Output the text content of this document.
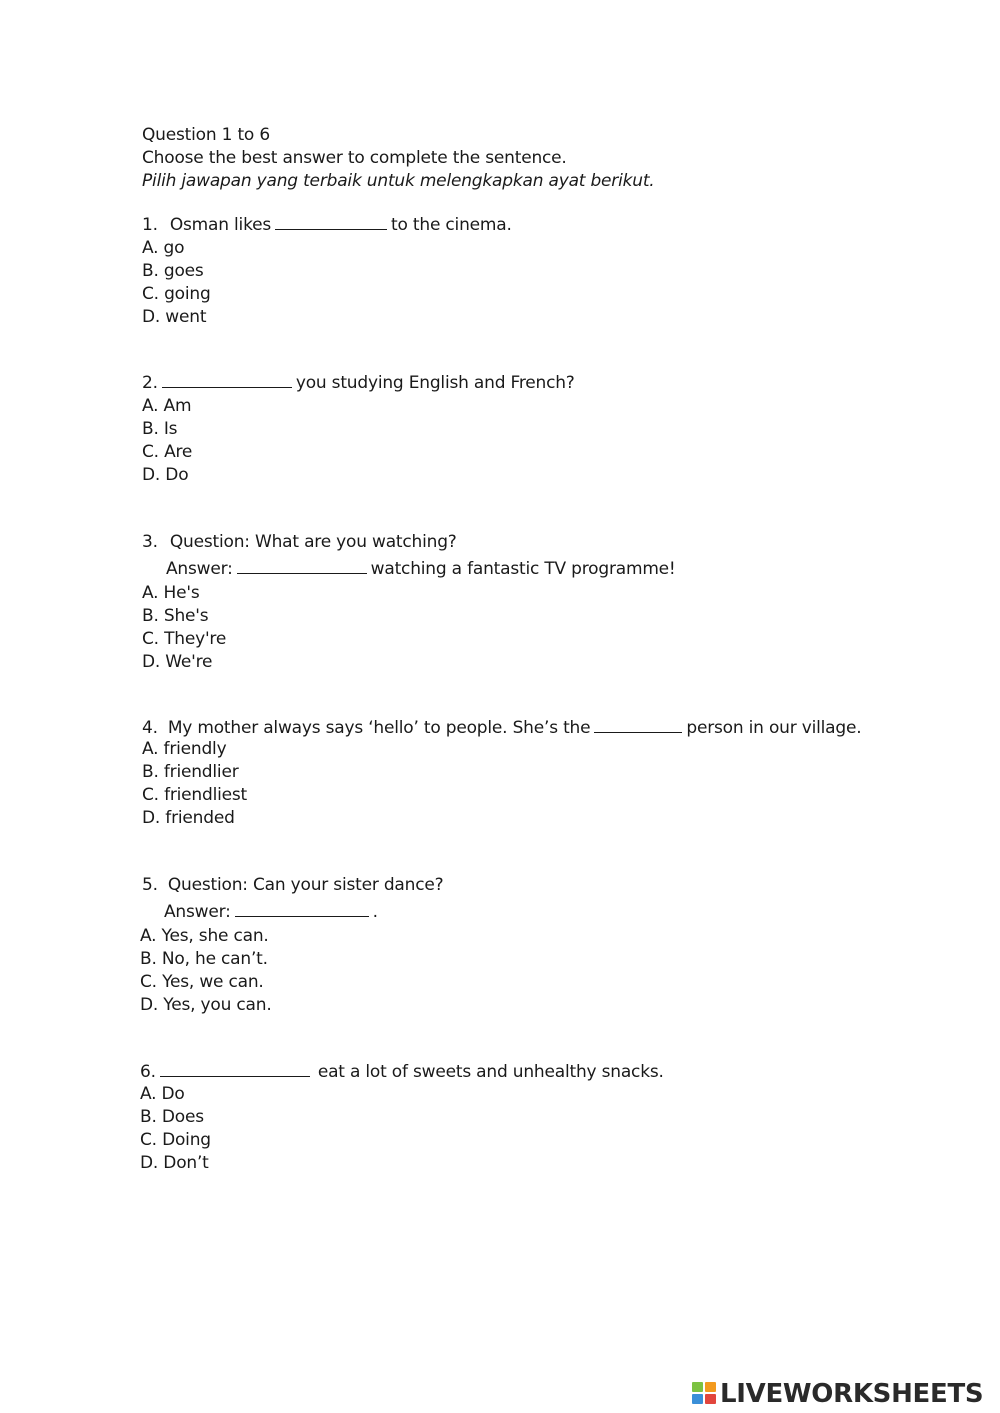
Question 1 to 6
Choose the best answer to complete the sentence.
Pilih jawapan yang terbaik untuk melengkapkan ayat berikut.
1. Osman likes	to the cinema.
A. go
B. goes
C. going
D. went
2.	you studying English and French?
A. Am
B. Is
C. Are
D. Do
3. Question: What are you watching?
Answer:	watching a fantastic TV programme!
A. He's
B. She's
C. They're
D. We're
4. My mother always says ‘hello’ to people. She’s the	person in our village.
A. friendly
B. friendlier
C. friendliest
D. friended
5. Question: Can your sister dance?
Answer:	.
A. Yes, she can.
B. No, he can’t.
C. Yes, we can.
D. Yes, you can.
6.	eat a lot of sweets and unhealthy snacks.
A. Do
B. Does
C. Doing
D. Don’t
LIVEWORKSHEETS
